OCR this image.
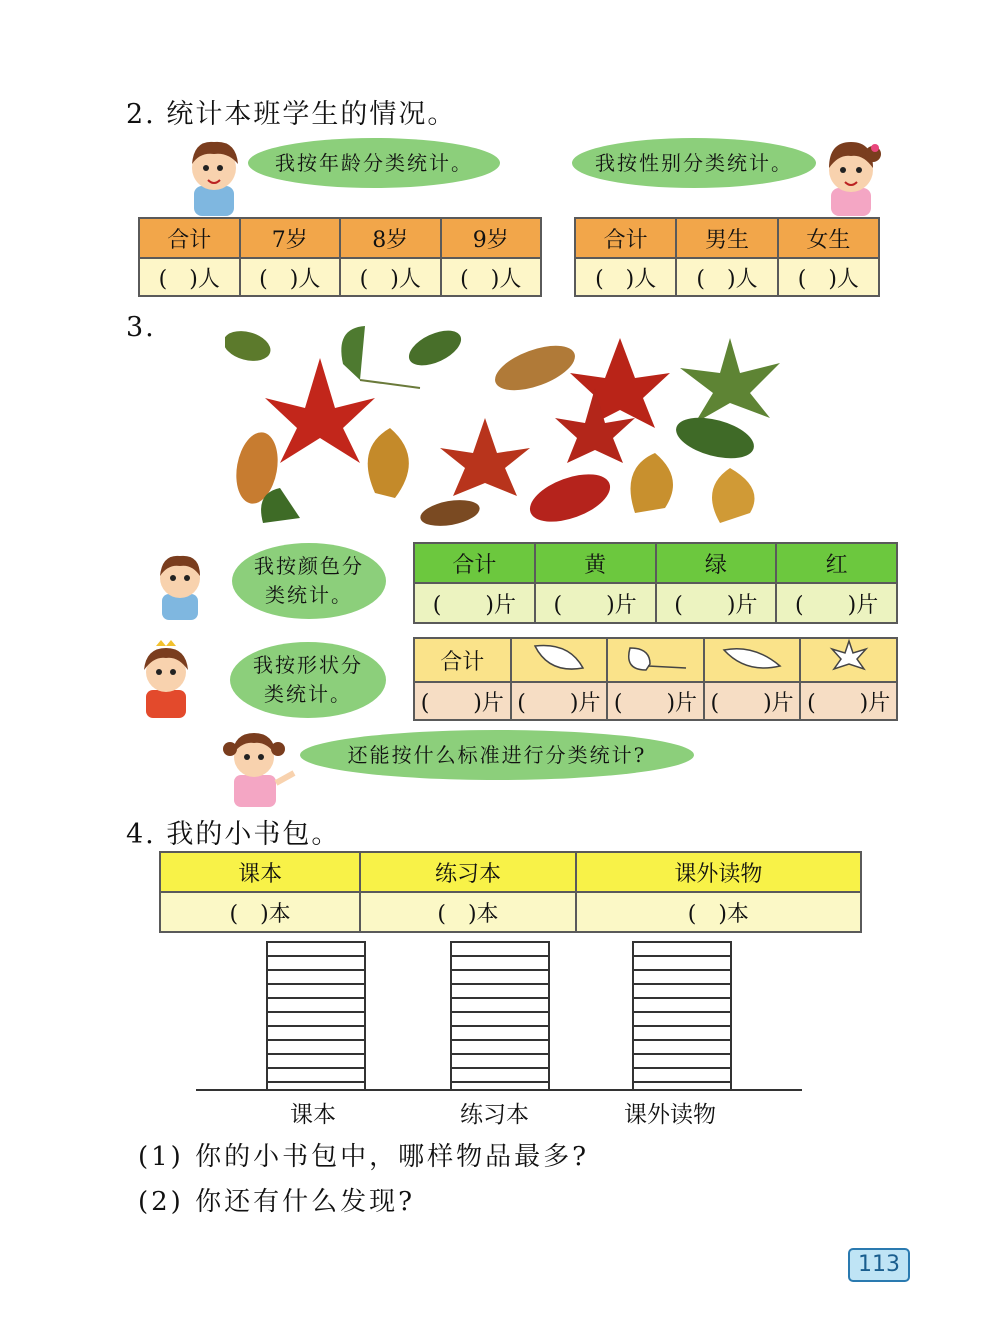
2. 统计本班学生的情况。
我按年龄分类统计。	我按性别分类统计。
合计	7岁	8岁	9岁
(　)人	(　)人	(　)人	(　)人
合计	男生	女生
(　)人	(　)人	(　)人
3.
我按颜色分类统计。
合计	黄	绿	红
(　　)片	(　　)片	(　　)片	(　　)片
我按形状分类统计。
合计				
(　　)片	(　　)片	(　　)片	(　　)片	(　　)片
还能按什么标准进行分类统计?
4. 我的小书包。
课本	练习本	课外读物
(　)本	(　)本	(　)本
课本	练习本	课外读物
(1) 你的小书包中，哪样物品最多?
(2) 你还有什么发现?
113
